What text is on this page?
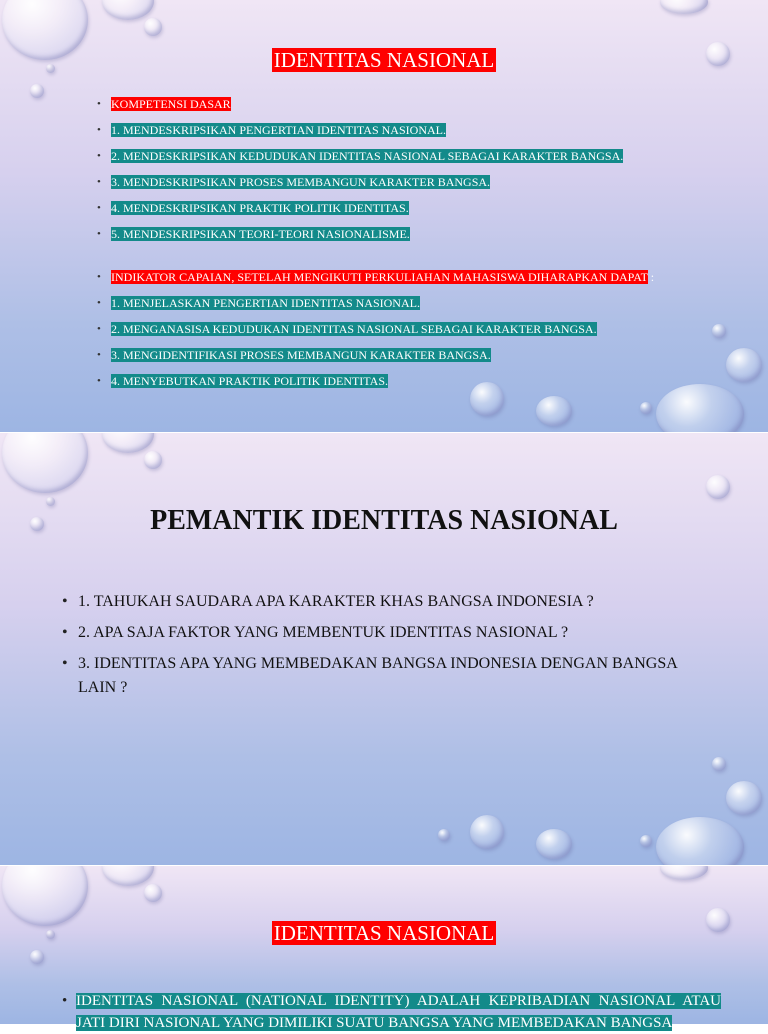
IDENTITAS NASIONAL
• KOMPETENSI DASAR
• 1. MENDESKRIPSIKAN PENGERTIAN IDENTITAS NASIONAL.
• 2. MENDESKRIPSIKAN KEDUDUKAN IDENTITAS NASIONAL SEBAGAI KARAKTER BANGSA.
• 3. MENDESKRIPSIKAN PROSES MEMBANGUN KARAKTER BANGSA.
• 4. MENDESKRIPSIKAN PRAKTIK POLITIK IDENTITAS.
• 5. MENDESKRIPSIKAN TEORI-TEORI NASIONALISME.
• INDIKATOR CAPAIAN, SETELAH MENGIKUTI PERKULIAHAN MAHASISWA DIHARAPKAN DAPAT :
• 1. MENJELASKAN PENGERTIAN IDENTITAS NASIONAL.
• 2. MENGANASISA KEDUDUKAN IDENTITAS NASIONAL SEBAGAI KARAKTER BANGSA.
• 3. MENGIDENTIFIKASI PROSES MEMBANGUN KARAKTER BANGSA.
• 4. MENYEBUTKAN PRAKTIK POLITIK IDENTITAS.
PEMANTIK IDENTITAS NASIONAL
• 1. TAHUKAH SAUDARA APA KARAKTER KHAS BANGSA INDONESIA ?
• 2. APA SAJA FAKTOR YANG MEMBENTUK IDENTITAS NASIONAL ?
• 3. IDENTITAS APA YANG MEMBEDAKAN BANGSA INDONESIA DENGAN BANGSA LAIN ?
IDENTITAS NASIONAL

• IDENTITAS NASIONAL (NATIONAL IDENTITY) ADALAH KEPRIBADIAN NASIONAL ATAU JATI DIRI NASIONAL YANG DIMILIKI SUATU BANGSA YANG MEMBEDAKAN BANGSA
